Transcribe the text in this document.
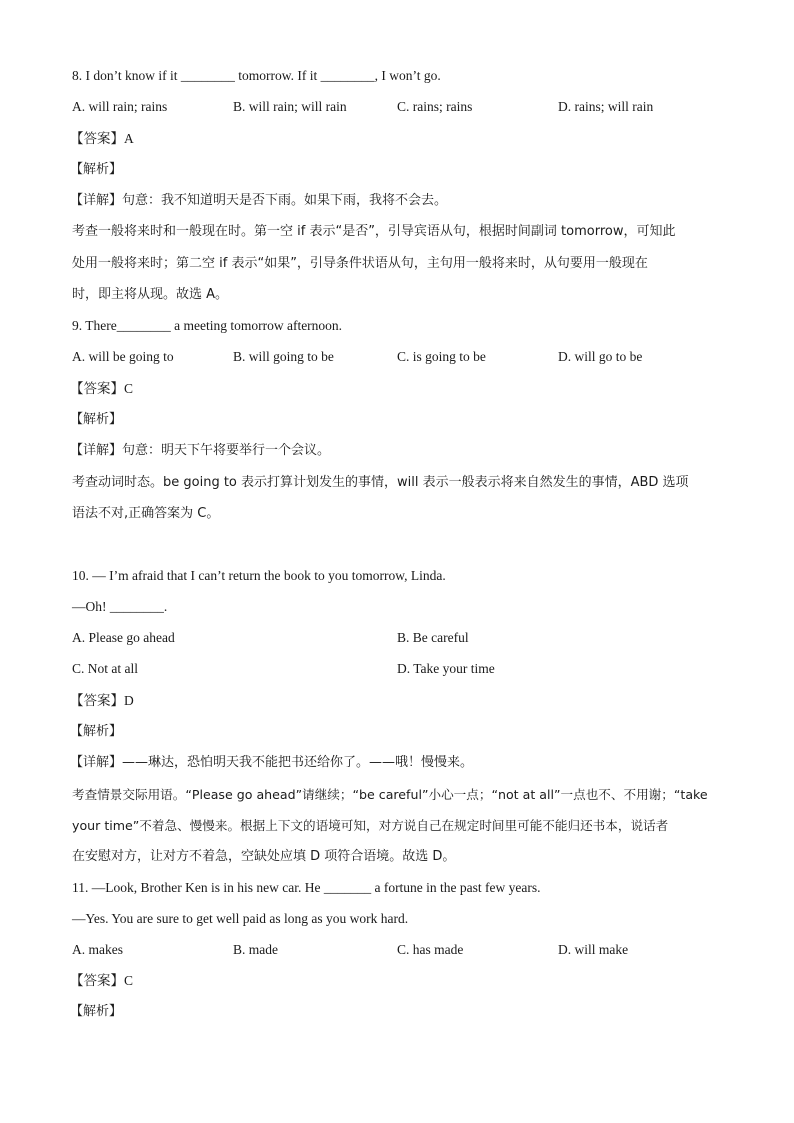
8. I don’t know if it ________ tomorrow. If it ________, I won’t go.
A. will rain; rains	B. will rain; will rain	C. rains; rains	D. rains; will rain
【答案】A
【解析】
【详解】句意：我不知道明天是否下雨。如果下雨，我将不会去。
考查一般将来时和一般现在时。第一空 if 表示“是否”，引导宾语从句，根据时间副词 tomorrow，可知此
处用一般将来时；第二空 if 表示“如果”，引导条件状语从句，主句用一般将来时，从句要用一般现在
时，即主将从现。故选 A。
9. There________ a meeting tomorrow afternoon.
A. will be going to	B. will going to be	C. is going to be	D. will go to be
【答案】C
【解析】
【详解】句意：明天下午将要举行一个会议。
考查动词时态。be going to 表示打算计划发生的事情，will 表示一般表示将来自然发生的事情，ABD 选项
语法不对,正确答案为 C。
10. — I’m afraid that I can’t return the book to you tomorrow, Linda.
—Oh! ________.
A. Please go ahead	B. Be careful
C. Not at all	D. Take your time
【答案】D
【解析】
【详解】——琳达，恐怕明天我不能把书还给你了。——哦！慢慢来。
考查情景交际用语。“Please go ahead”请继续；“be careful”小心一点；“not at all”一点也不、不用谢；“take
your time”不着急、慢慢来。根据上下文的语境可知，对方说自己在规定时间里可能不能归还书本，说话者
在安慰对方，让对方不着急，空缺处应填 D 项符合语境。故选 D。
11. —Look, Brother Ken is in his new car. He _______ a fortune in the past few years.
—Yes. You are sure to get well paid as long as you work hard.
A. makes	B. made	C. has made	D. will make
【答案】C
【解析】
